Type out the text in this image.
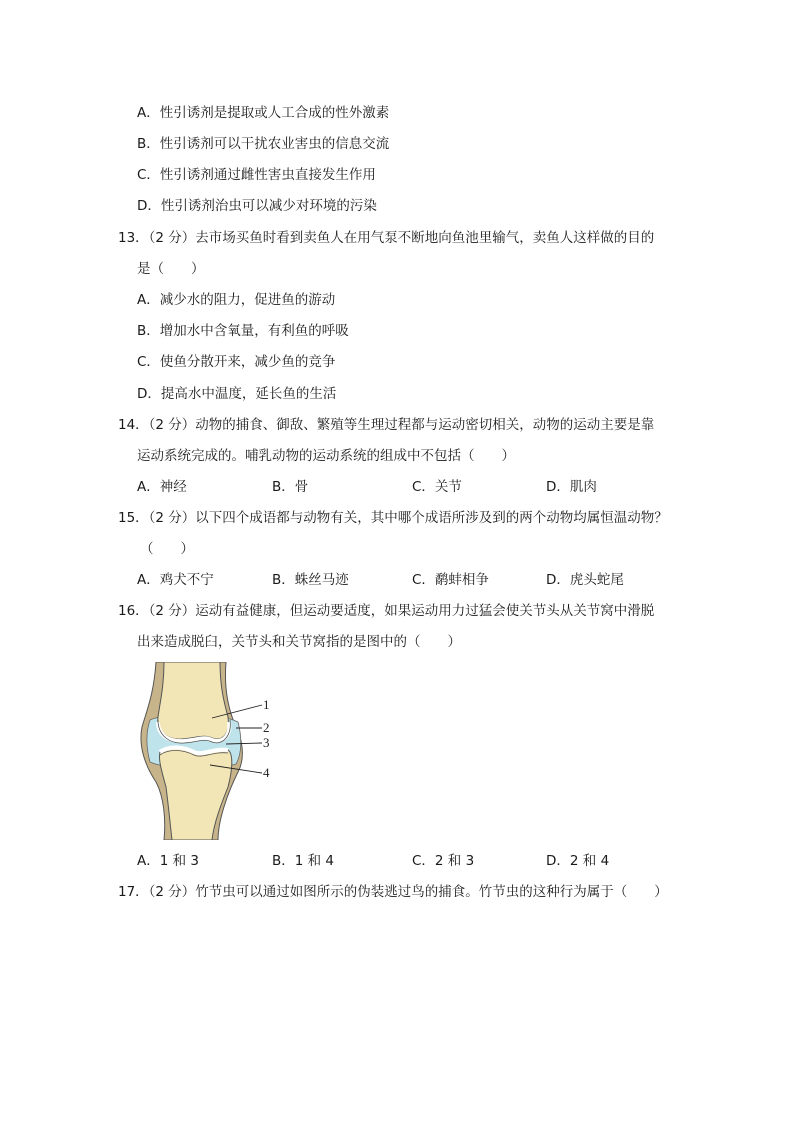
A．性引诱剂是提取或人工合成的性外激素
B．性引诱剂可以干扰农业害虫的信息交流
C．性引诱剂通过雌性害虫直接发生作用
D．性引诱剂治虫可以减少对环境的污染
13．（2 分）去市场买鱼时看到卖鱼人在用气泵不断地向鱼池里输气，卖鱼人这样做的目的
是（　　）
A．减少水的阻力，促进鱼的游动
B．增加水中含氧量，有利鱼的呼吸
C．使鱼分散开来，减少鱼的竞争
D．提高水中温度，延长鱼的生活
14．（2 分）动物的捕食、御敌、繁殖等生理过程都与运动密切相关，动物的运动主要是靠
运动系统完成的。哺乳动物的运动系统的组成中不包括（　　）
A．神经	B．骨	C．关节	D．肌肉
15．（2 分）以下四个成语都与动物有关，其中哪个成语所涉及到的两个动物均属恒温动物？
（　　）
A．鸡犬不宁	B．蛛丝马迹	C．鹬蚌相争	D．虎头蛇尾
16．（2 分）运动有益健康，但运动要适度，如果运动用力过猛会使关节头从关节窝中滑脱
出来造成脱臼，关节头和关节窝指的是图中的（　　）
1
2
3
4
A．1 和 3	B．1 和 4	C．2 和 3	D．2 和 4
17．（2 分）竹节虫可以通过如图所示的伪装逃过鸟的捕食。竹节虫的这种行为属于（　　）
